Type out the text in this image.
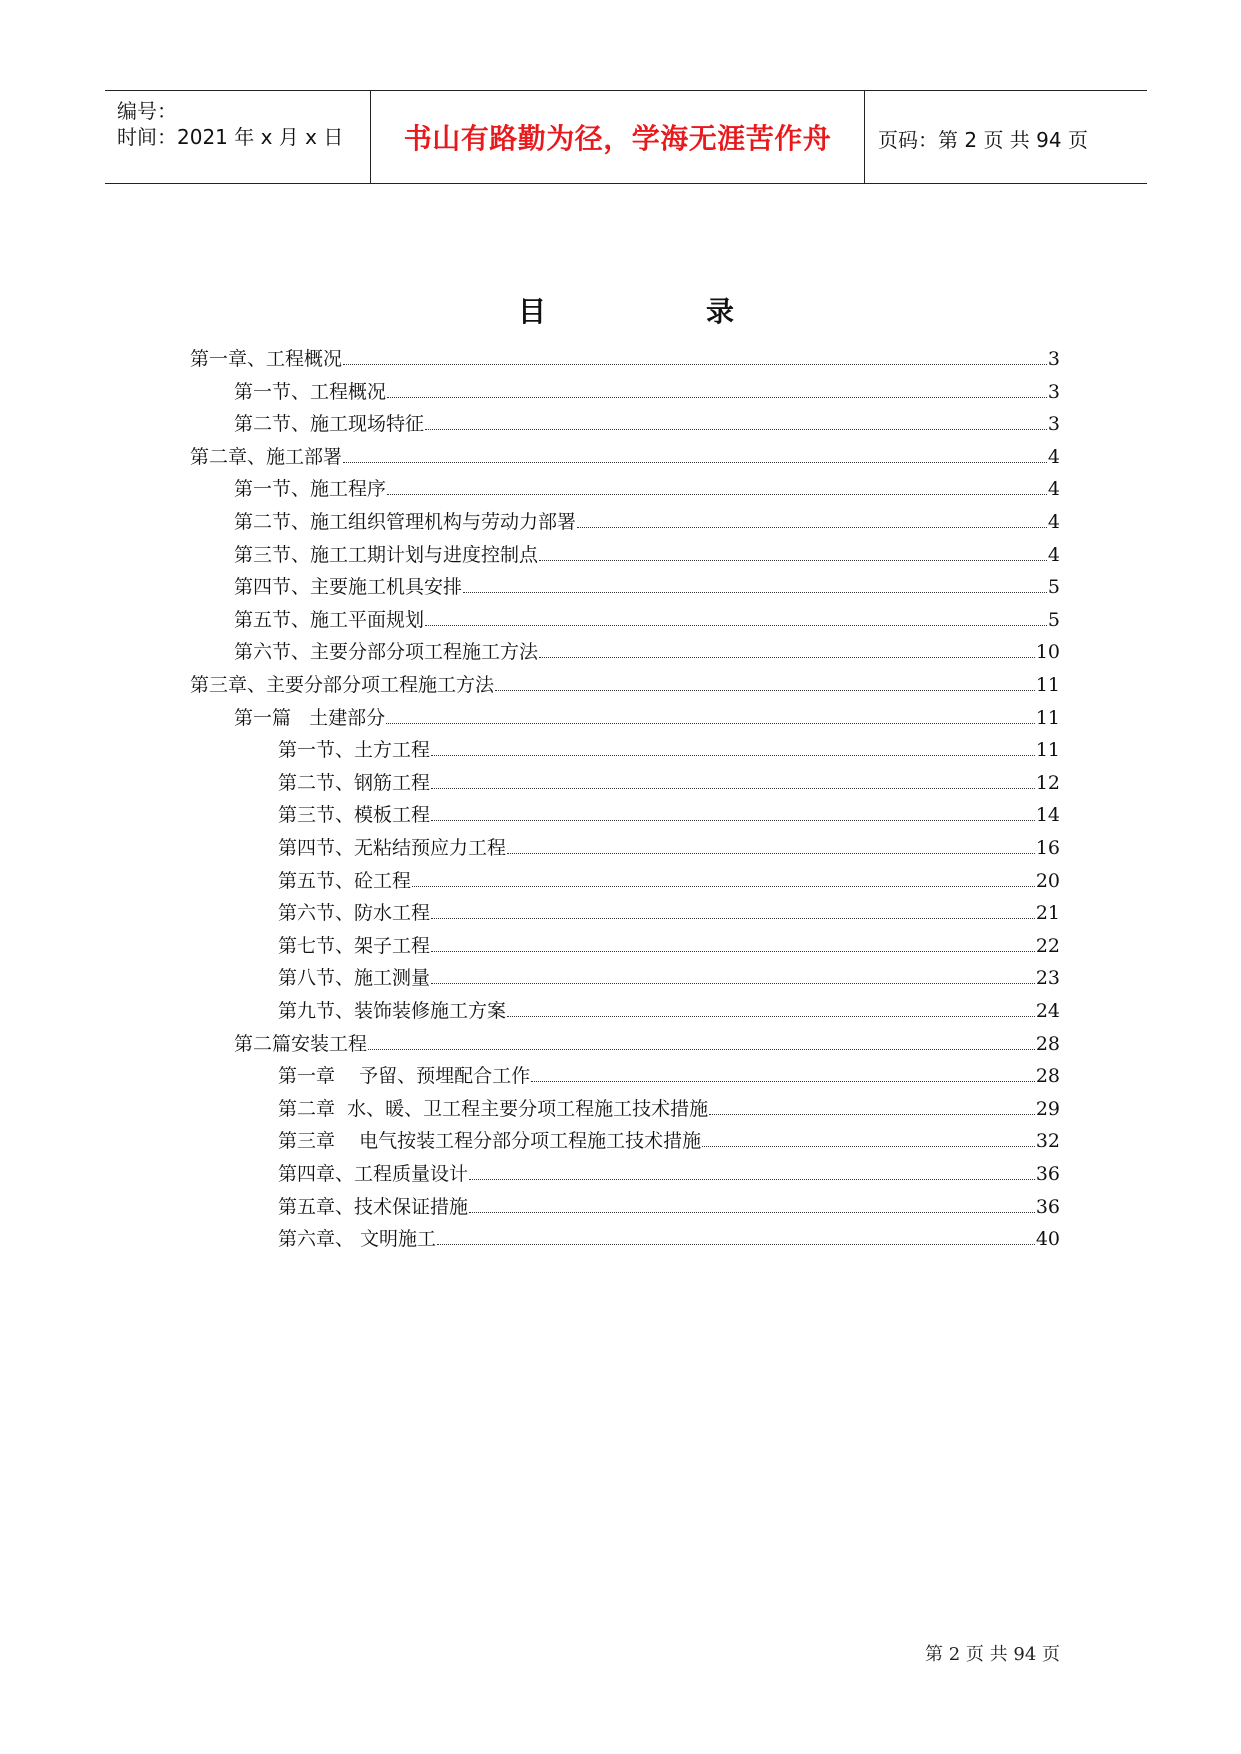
编号：
时间：2021 年 x 月 x 日	书山有路勤为径，学海无涯苦作舟	页码：第 2 页 共 94 页
目	录
第一章、工程概况	3
第一节、工程概况	3
第二节、施工现场特征	3
第二章、施工部署	4
第一节、施工程序	4
第二节、施工组织管理机构与劳动力部署	4
第三节、施工工期计划与进度控制点	4
第四节、主要施工机具安排	5
第五节、施工平面规划	5
第六节、主要分部分项工程施工方法	10
第三章、主要分部分项工程施工方法	11
第一篇   土建部分	11
第一节、土方工程	11
第二节、钢筋工程	12
第三节、模板工程	14
第四节、无粘结预应力工程	16
第五节、砼工程	20
第六节、防水工程	21
第七节、架子工程	22
第八节、施工测量	23
第九节、装饰装修施工方案	24
第二篇安装工程	28
第一章    予留、预埋配合工作	28
第二章  水、暖、卫工程主要分项工程施工技术措施	29
第三章    电气按装工程分部分项工程施工技术措施	32
第四章、工程质量设计	36
第五章、技术保证措施	36
第六章、 文明施工	40
第 2 页 共 94 页
